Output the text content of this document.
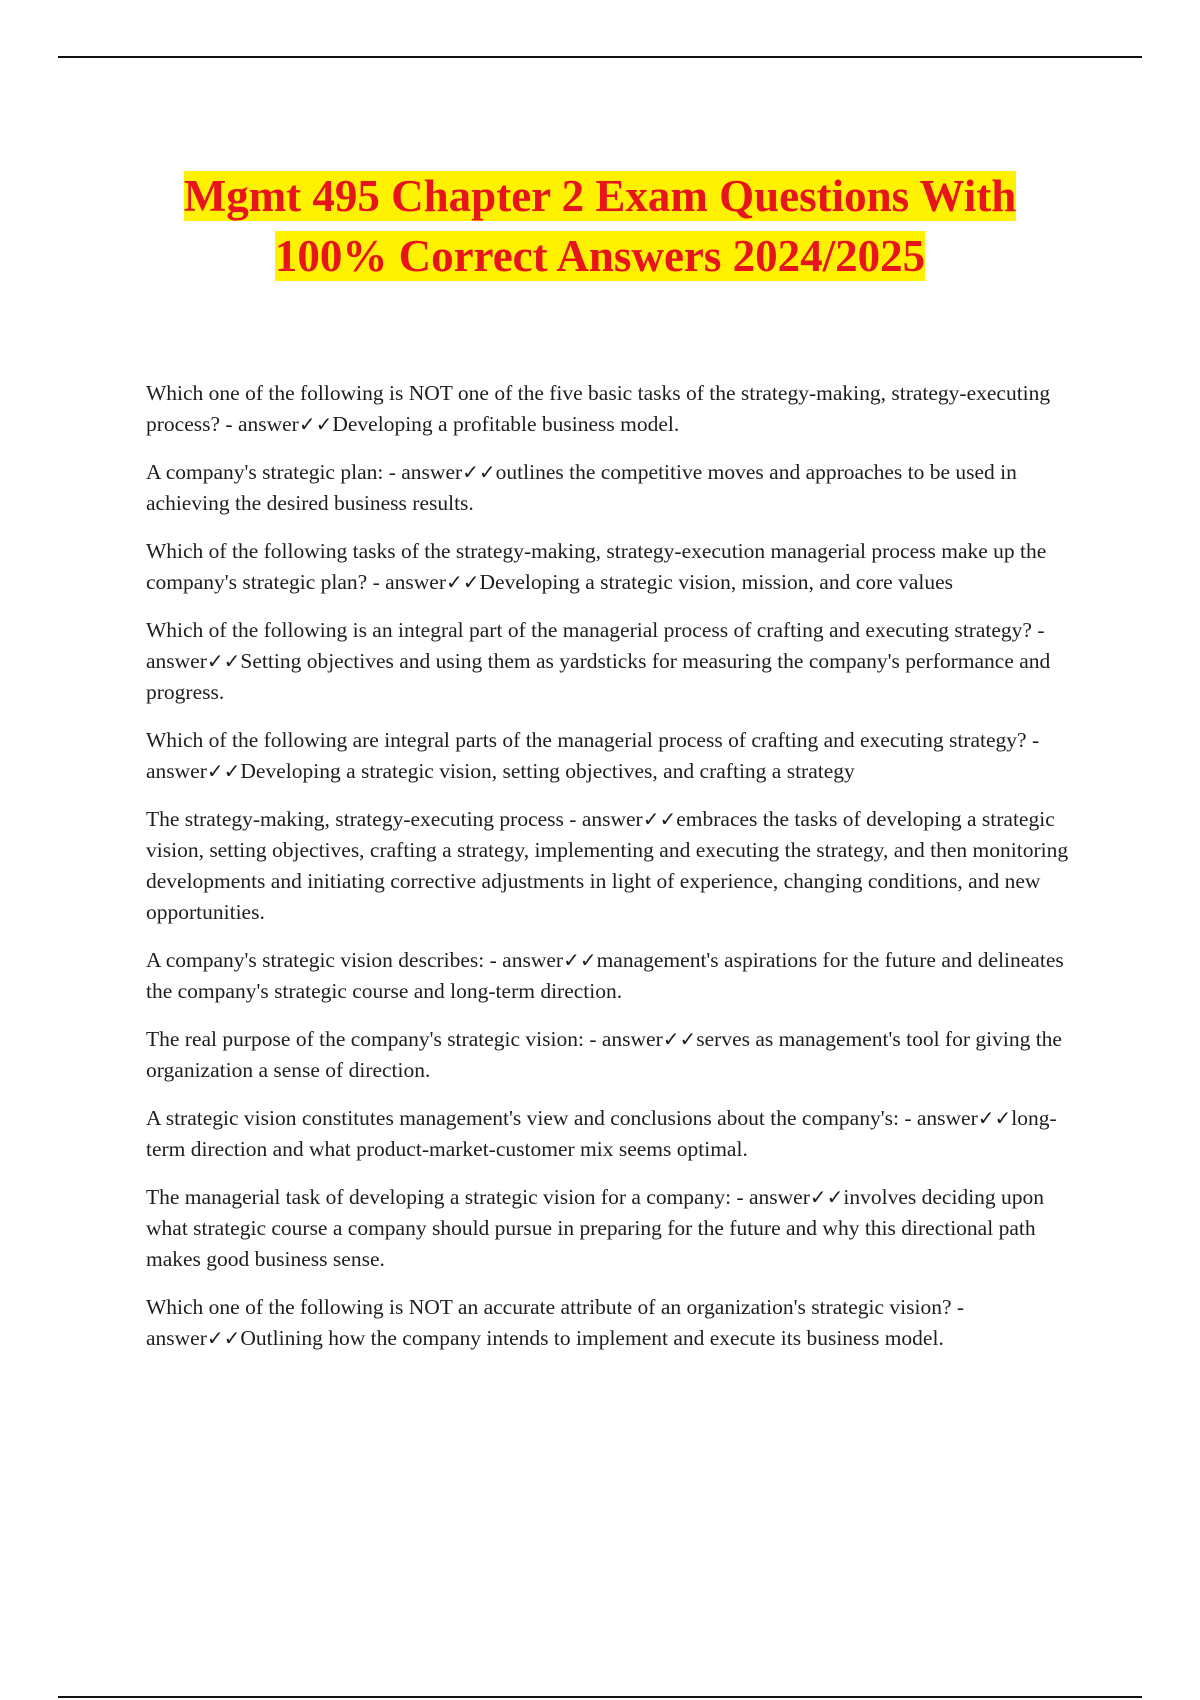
Mgmt 495 Chapter 2 Exam Questions With
100% Correct Answers 2024/2025
Which one of the following is NOT one of the five basic tasks of the strategy-making, strategy-executing process? - answer✓✓Developing a profitable business model.
A company's strategic plan: - answer✓✓outlines the competitive moves and approaches to be used in achieving the desired business results.
Which of the following tasks of the strategy-making, strategy-execution managerial process make up the company's strategic plan? - answer✓✓Developing a strategic vision, mission, and core values
Which of the following is an integral part of the managerial process of crafting and executing strategy? - answer✓✓Setting objectives and using them as yardsticks for measuring the company's performance and progress.
Which of the following are integral parts of the managerial process of crafting and executing strategy? - answer✓✓Developing a strategic vision, setting objectives, and crafting a strategy
The strategy-making, strategy-executing process - answer✓✓embraces the tasks of developing a strategic vision, setting objectives, crafting a strategy, implementing and executing the strategy, and then monitoring developments and initiating corrective adjustments in light of experience, changing conditions, and new opportunities.
A company's strategic vision describes: - answer✓✓management's aspirations for the future and delineates the company's strategic course and long-term direction.
The real purpose of the company's strategic vision: - answer✓✓serves as management's tool for giving the organization a sense of direction.
A strategic vision constitutes management's view and conclusions about the company's: - answer✓✓long-term direction and what product-market-customer mix seems optimal.
The managerial task of developing a strategic vision for a company: - answer✓✓involves deciding upon what strategic course a company should pursue in preparing for the future and why this directional path makes good business sense.
Which one of the following is NOT an accurate attribute of an organization's strategic vision? - answer✓✓Outlining how the company intends to implement and execute its business model.
